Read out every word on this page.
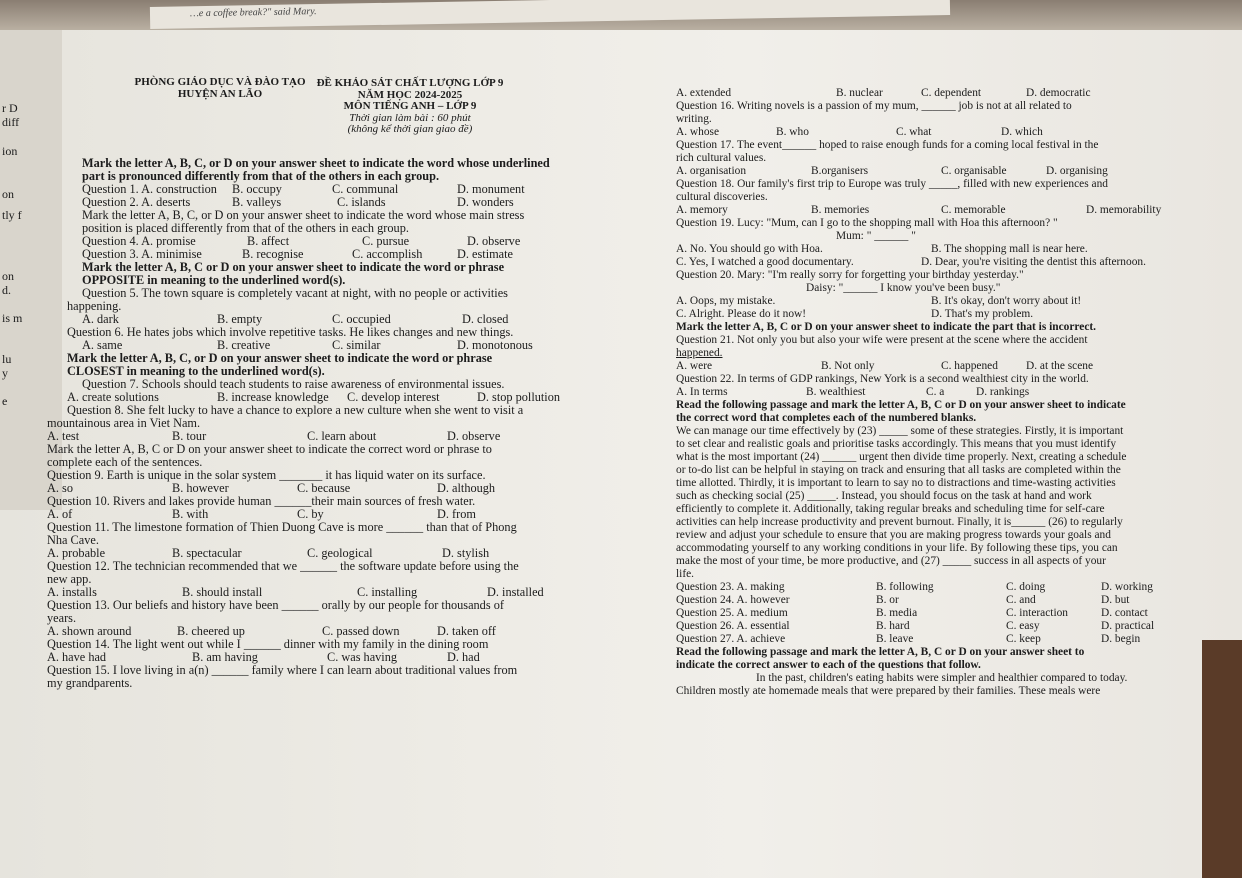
…e a coffee break?" said Mary.
r D
diff
ion
on
tly f
on
d.
is m
lu
y
e
PHÒNG GIÁO DỤC VÀ ĐÀO TẠO
HUYỆN AN LÃO
ĐỀ KHẢO SÁT CHẤT LƯỢNG LỚP 9
NĂM HỌC 2024-2025
MÔN TIẾNG ANH – LỚP 9
Thời gian làm bài : 60 phút
(không kể thời gian giao đề)
Mark the letter A, B, C, or D on your answer sheet to indicate the word whose underlined
part is pronounced differently from that of the others in each group.
Question 1. A. construction B. occupy	C. communal	D. monument
Question 2. A. deserts	B. valleys	C. islands	D. wonders
Mark the letter A, B, C, or D on your answer sheet to indicate the word whose main stress
position is placed differently from that of the others in each group.
Question 4. A. promise	B. affect	C. pursue	D. observe
Question 3. A. minimise	B. recognise	C. accomplish	D. estimate
Mark the letter A, B, C or D on your answer sheet to indicate the word or phrase
OPPOSITE in meaning to the underlined word(s).
Question 5. The town square is completely vacant at night, with no people or activities
happening.
A. dark	B. empty	C. occupied	D. closed
Question 6. He hates jobs which involve repetitive tasks. He likes changes and new things.
A. same	B. creative	C. similar	D. monotonous
Mark the letter A, B, C, or D on your answer sheet to indicate the word or phrase
CLOSEST in meaning to the underlined word(s).
Question 7. Schools should teach students to raise awareness of environmental issues.
A. create solutions	B. increase knowledge C. develop interest	D. stop pollution
Question 8. She felt lucky to have a chance to explore a new culture when she went to visit a
mountainous area in Viet Nam.
A. test	B. tour	C. learn about	D. observe
Mark the letter A, B, C or D on your answer sheet to indicate the correct word or phrase to
complete each of the sentences.
Question 9. Earth is unique in the solar system _______ it has liquid water on its surface.
A. so	B. however	C. because	D. although
Question 10. Rivers and lakes provide human ______their main sources of fresh water.
A. of	B. with	C. by	D. from
Question 11. The limestone formation of Thien Duong Cave is more ______ than that of Phong
Nha Cave.
A. probable	B. spectacular	C. geological	D. stylish
Question 12. The technician recommended that we ______ the software update before using the
new app.
A. installs	B. should install	C. installing	D. installed
Question 13. Our beliefs and history have been ______ orally by our people for thousands of
years.
A. shown around	B. cheered up	C. passed down	D. taken off
Question 14. The light went out while I ______ dinner with my family in the dining room
A. have had	B. am having	C. was having	D. had
Question 15. I love living in a(n) ______ family where I can learn about traditional values from
my grandparents.
A. extended	B. nuclear	C. dependent	D. democratic
Question 16. Writing novels is a passion of my mum, ______ job is not at all related to
writing.
A. whose	B. who	C. what	D. which
Question 17. The event______ hoped to raise enough funds for a coming local festival in the
rich cultural values.
A. organisation	B.organisers	C. organisable	D. organising
Question 18. Our family's first trip to Europe was truly _____, filled with new experiences and
cultural discoveries.
A. memory	B. memories	C. memorable	D. memorability
Question 19. Lucy: "Mum, can I go to the shopping mall with Hoa this afternoon? "
Mum: " ______ "
A. No. You should go with Hoa.	B. The shopping mall is near here.
C. Yes, I watched a good documentary.	D. Dear, you're visiting the dentist this afternoon.
Question 20. Mary: "I'm really sorry for forgetting your birthday yesterday."
Daisy: "______ I know you've been busy."
A. Oops, my mistake.	B. It's okay, don't worry about it!
C. Alright. Please do it now!	D. That's my problem.
Mark the letter A, B, C or D on your answer sheet to indicate the part that is incorrect.
Question 21. Not only you but also your wife were present at the scene where the accident
happened.
A. were	B. Not only	C. happened D. at the scene
Question 22. In terms of GDP rankings, New York is a second wealthiest city in the world.
A. In terms	B. wealthiest	C. a	D. rankings
Read the following passage and mark the letter A, B, C or D on your answer sheet to indicate
the correct word that completes each of the numbered blanks.
We can manage our time effectively by (23) _____ some of these strategies. Firstly, it is important
to set clear and realistic goals and prioritise tasks accordingly. This means that you must identify
what is the most important (24) ______ urgent then divide time properly. Next, creating a schedule
or to-do list can be helpful in staying on track and ensuring that all tasks are completed within the
time allotted. Thirdly, it is important to learn to say no to distractions and time-wasting activities
such as checking social (25) _____. Instead, you should focus on the task at hand and work
efficiently to complete it. Additionally, taking regular breaks and scheduling time for self-care
activities can help increase productivity and prevent burnout. Finally, it is______ (26) to regularly
review and adjust your schedule to ensure that you are making progress towards your goals and
accommodating yourself to any working conditions in your life. By following these tips, you can
make the most of your time, be more productive, and (27) _____ success in all aspects of your
life.
Question 23. A. making	B. following	C. doing	D. working
Question 24. A. however	B. or	C. and	D. but
Question 25. A. medium	B. media	C. interaction	D. contact
Question 26. A. essential	B. hard	C. easy	D. practical
Question 27. A. achieve	B. leave	C. keep	D. begin
Read the following passage and mark the letter A, B, C or D on your answer sheet to
indicate the correct answer to each of the questions that follow.
In the past, children's eating habits were simpler and healthier compared to today.
Children mostly ate homemade meals that were prepared by their families. These meals were
